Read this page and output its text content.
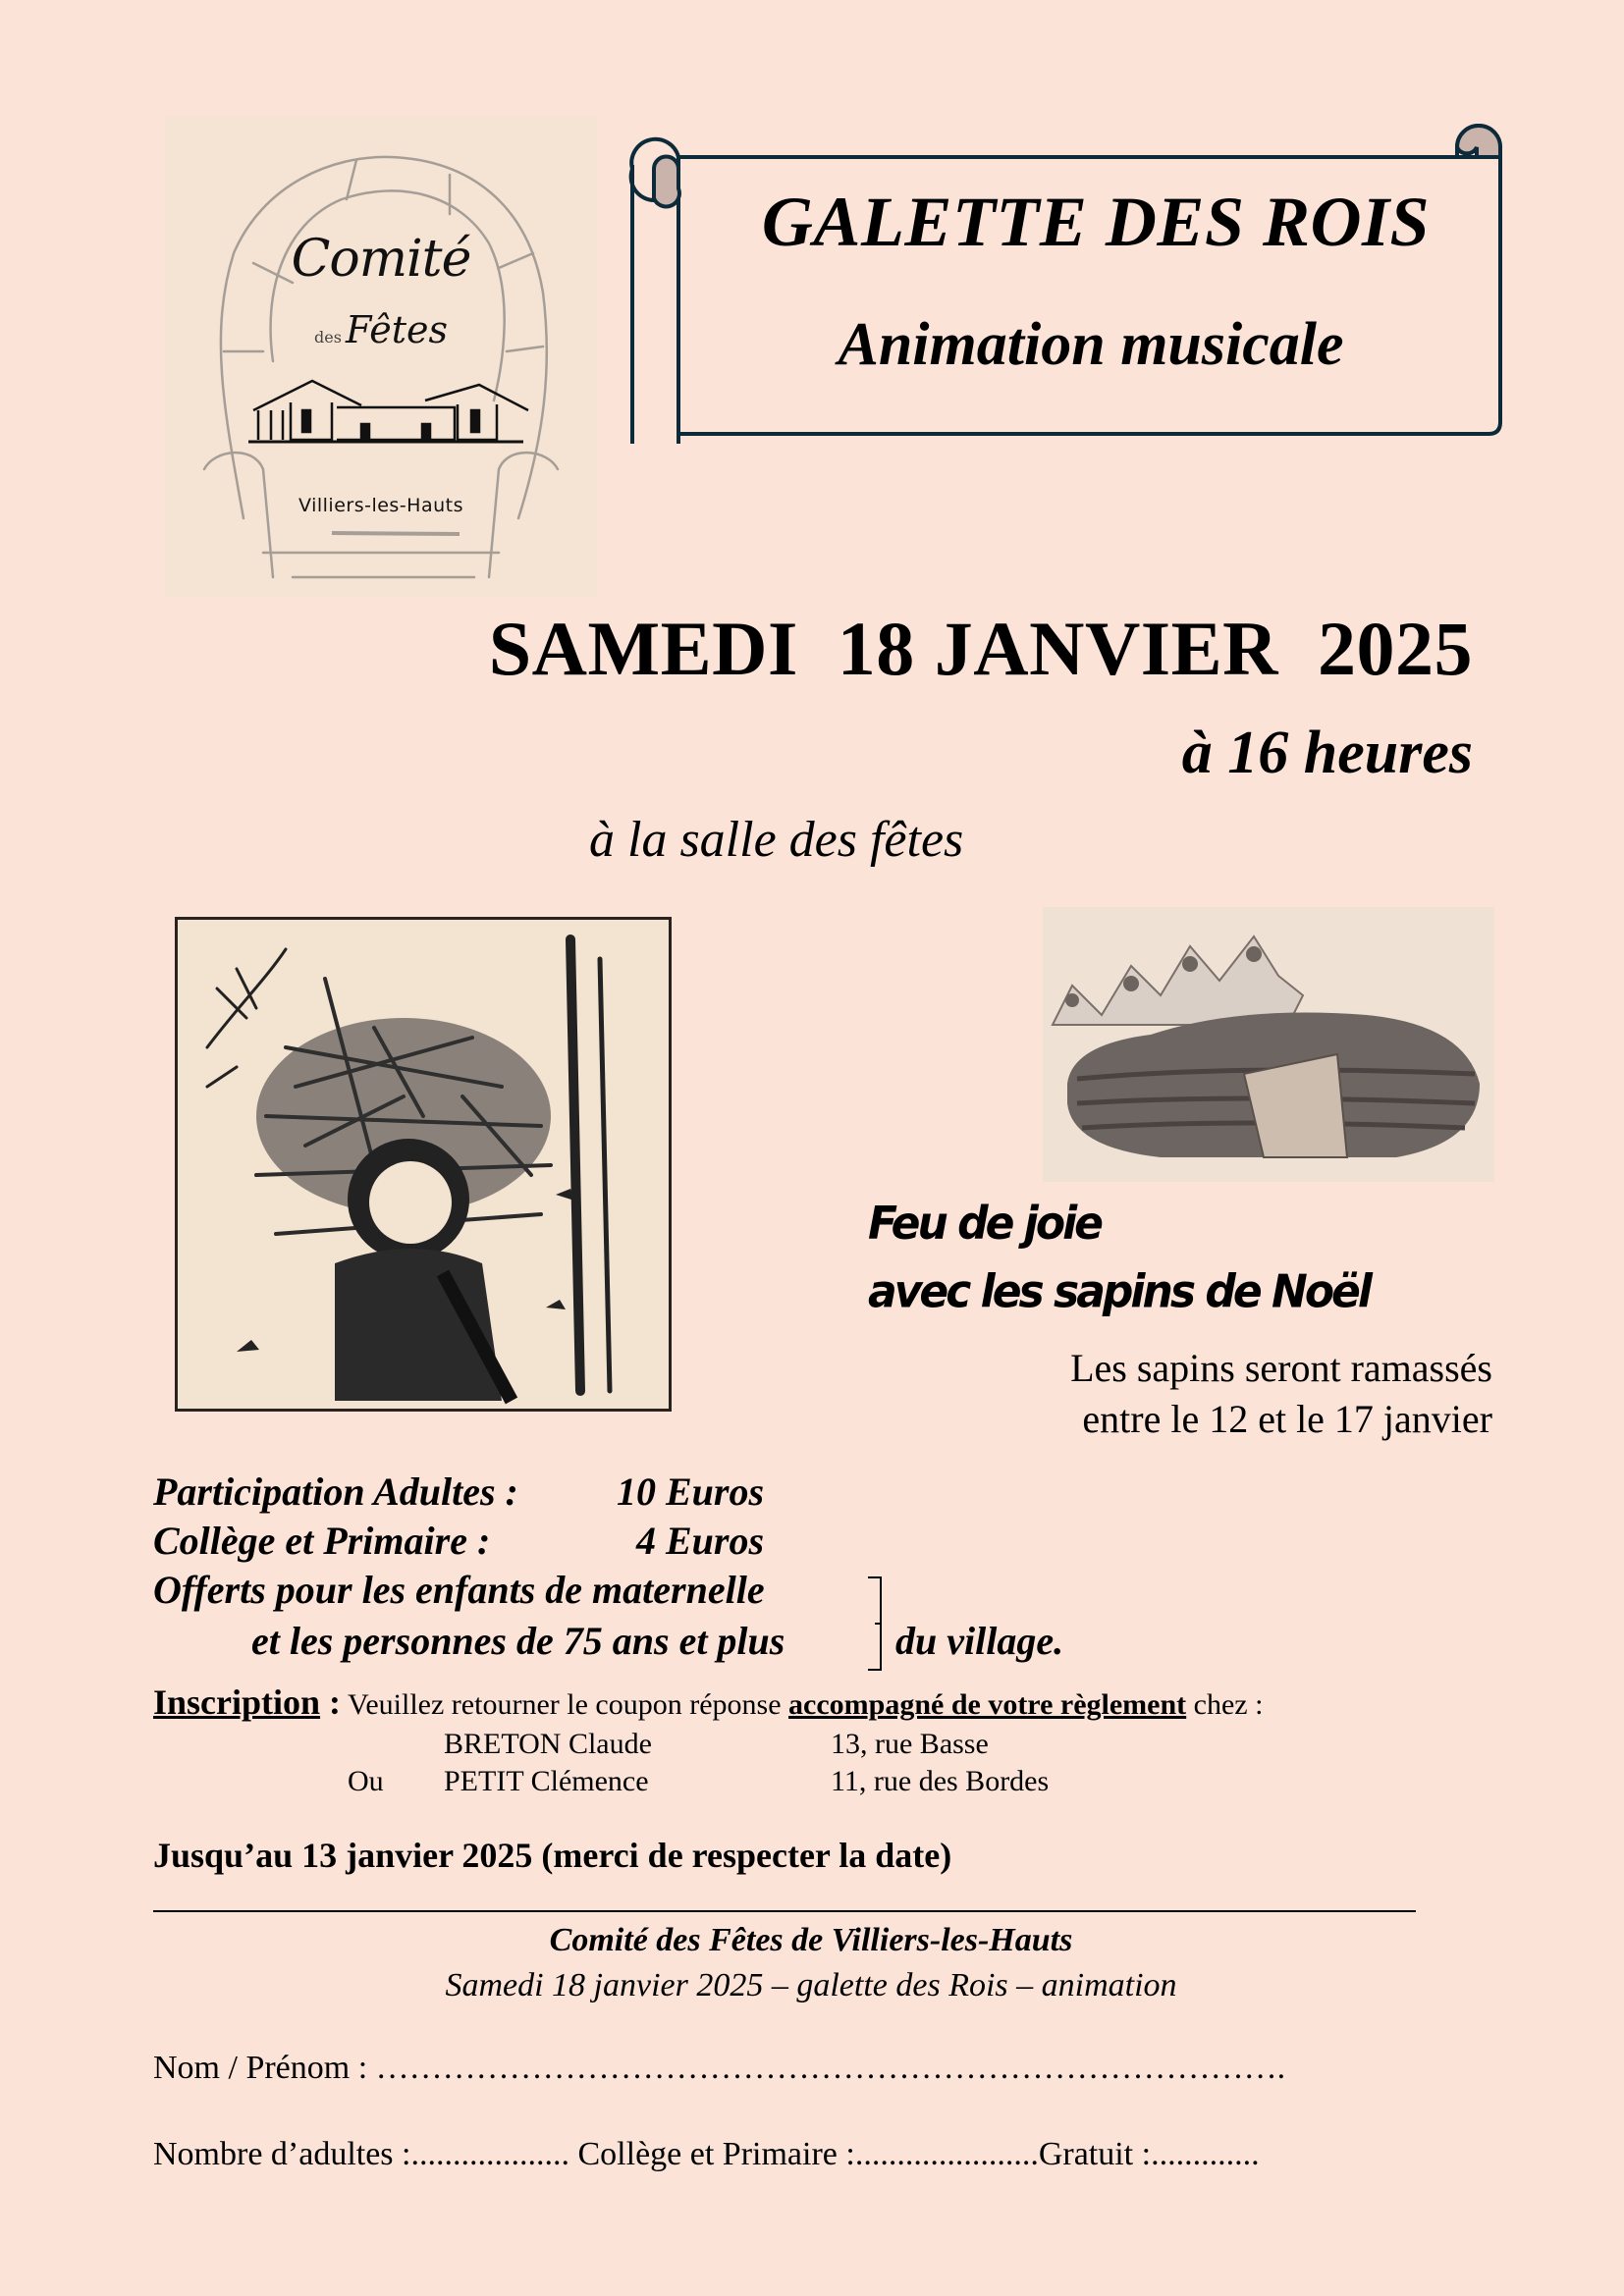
Comité
des Fêtes
Villiers-les-Hauts
GALETTE DES ROIS
Animation musicale
SAMEDI  18 JANVIER  2025
à 16 heures
à la salle des fêtes
Feu de joie
avec les sapins de Noël
Les sapins seront ramassés
entre le 12 et le 17 janvier
Participation Adultes :	10 Euros
Collège et Primaire :	4 Euros
Offerts pour les enfants de maternelle
et les personnes de 75 ans et plus	du village.
Inscription : Veuillez retourner le coupon réponse accompagné de votre règlement chez :
BRETON Claude	13, rue Basse
Ou PETIT Clémence	11, rue des Bordes
Jusqu’au 13 janvier 2025 (merci de respecter la date)
Comité des Fêtes de Villiers-les-Hauts
Samedi 18 janvier 2025 – galette des Rois – animation
Nom / Prénom : ……………………………………………………………………….
Nombre d’adultes :................... Collège et Primaire :......................Gratuit :.............
